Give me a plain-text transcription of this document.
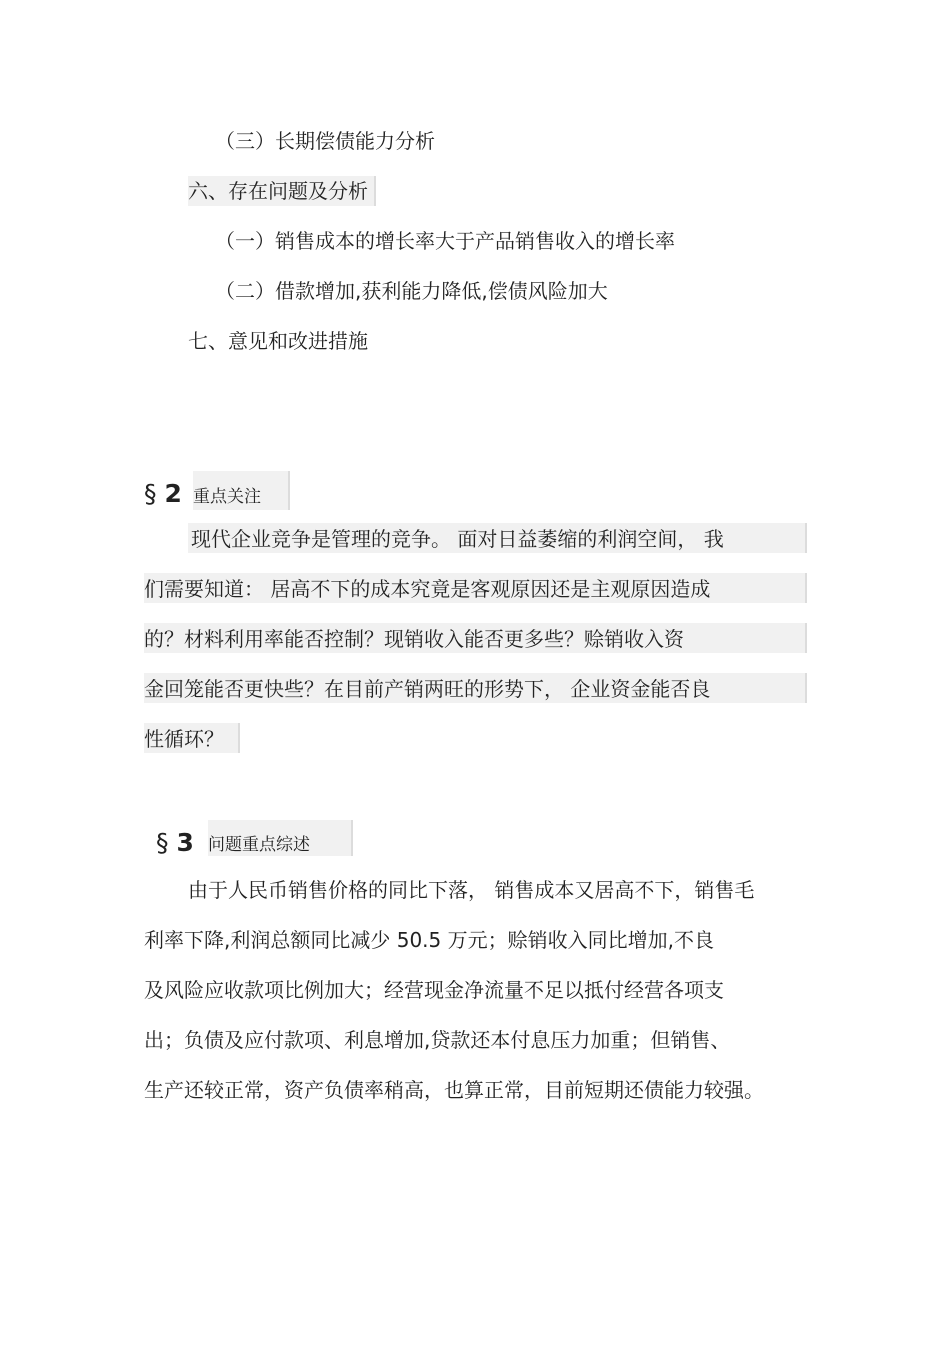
（三）长期偿债能力分析
六、存在问题及分析
（一）销售成本的增长率大于产品销售收入的增长率
（二）借款增加,获利能力降低,偿债风险加大
七、意见和改进措施
§ 2 重点关注
现代企业竞争是管理的竞争。 面对日益萎缩的利润空间， 我
们需要知道： 居高不下的成本究竟是客观原因还是主观原因造成
的？材料利用率能否控制？现销收入能否更多些？赊销收入资
金回笼能否更快些？在目前产销两旺的形势下， 企业资金能否良
性循环？
§ 3 问题重点综述
由于人民币销售价格的同比下落， 销售成本又居高不下，销售毛
利率下降,利润总额同比减少 50.5 万元；赊销收入同比增加,不良
及风险应收款项比例加大；经营现金净流量不足以抵付经营各项支
出；负债及应付款项、利息增加,贷款还本付息压力加重；但销售、
生产还较正常，资产负债率稍高，也算正常，目前短期还债能力较强。
